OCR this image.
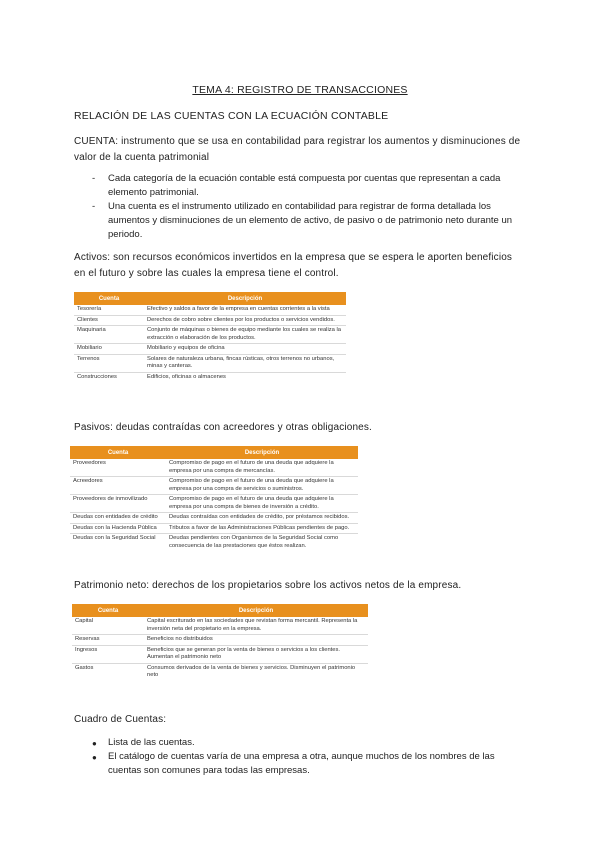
TEMA 4: REGISTRO DE TRANSACCIONES
RELACIÓN DE LAS CUENTAS CON LA ECUACIÓN CONTABLE
CUENTA: instrumento que se usa en contabilidad para registrar los aumentos y disminuciones de valor de la cuenta patrimonial
- Cada categoría de la ecuación contable está compuesta por cuentas que representan a cada elemento patrimonial.
- Una cuenta es el instrumento utilizado en contabilidad para registrar de forma detallada los aumentos y disminuciones de un elemento de activo, de pasivo o de patrimonio neto durante un periodo.
Activos: son recursos económicos invertidos en la empresa que se espera le aporten beneficios en el futuro y sobre las cuales la empresa tiene el control.
Cuenta	Descripción
Tesorería	Efectivo y saldos a favor de la empresa en cuentas corrientes a la vista
Clientes	Derechos de cobro sobre clientes por los productos o servicios vendidos.
Maquinaria	Conjunto de máquinas o bienes de equipo mediante los cuales se realiza la extracción o elaboración de los productos.
Mobiliario	Mobiliario y equipos de oficina
Terrenos	Solares de naturaleza urbana, fincas rústicas, otros terrenos no urbanos, minas y canteras.
Construcciones	Edificios, oficinas o almacenes
Pasivos: deudas contraídas con acreedores y otras obligaciones.
Cuenta	Descripción
Proveedores	Compromiso de pago en el futuro de una deuda que adquiere la empresa por una compra de mercancías.
Acreedores	Compromiso de pago en el futuro de una deuda que adquiere la empresa por una compra de servicios o suministros.
Proveedores de inmovilizado	Compromiso de pago en el futuro de una deuda que adquiere la empresa por una compra de bienes de inversión a crédito.
Deudas con entidades de crédito	Deudas contraídas con entidades de crédito, por préstamos recibidos.
Deudas con la Hacienda Pública	Tributos a favor de las Administraciones Públicas pendientes de pago.
Deudas con la Seguridad Social	Deudas pendientes con Organismos de la Seguridad Social como consecuencia de las prestaciones que éstos realizan.
Patrimonio neto: derechos de los propietarios sobre los activos netos de la empresa.
Cuenta	Descripción
Capital	Capital escriturado en las sociedades que revistan forma mercantil. Representa la inversión neta del propietario en la empresa.
Reservas	Beneficios no distribuidos
Ingresos	Beneficios que se generan por la venta de bienes o servicios a los clientes. Aumentan el patrimonio neto
Gastos	Consumos derivados de la venta de bienes y servicios. Disminuyen el patrimonio neto
Cuadro de Cuentas:
● Lista de las cuentas.
● El catálogo de cuentas varía de una empresa a otra, aunque muchos de los nombres de las cuentas son comunes para todas las empresas.
